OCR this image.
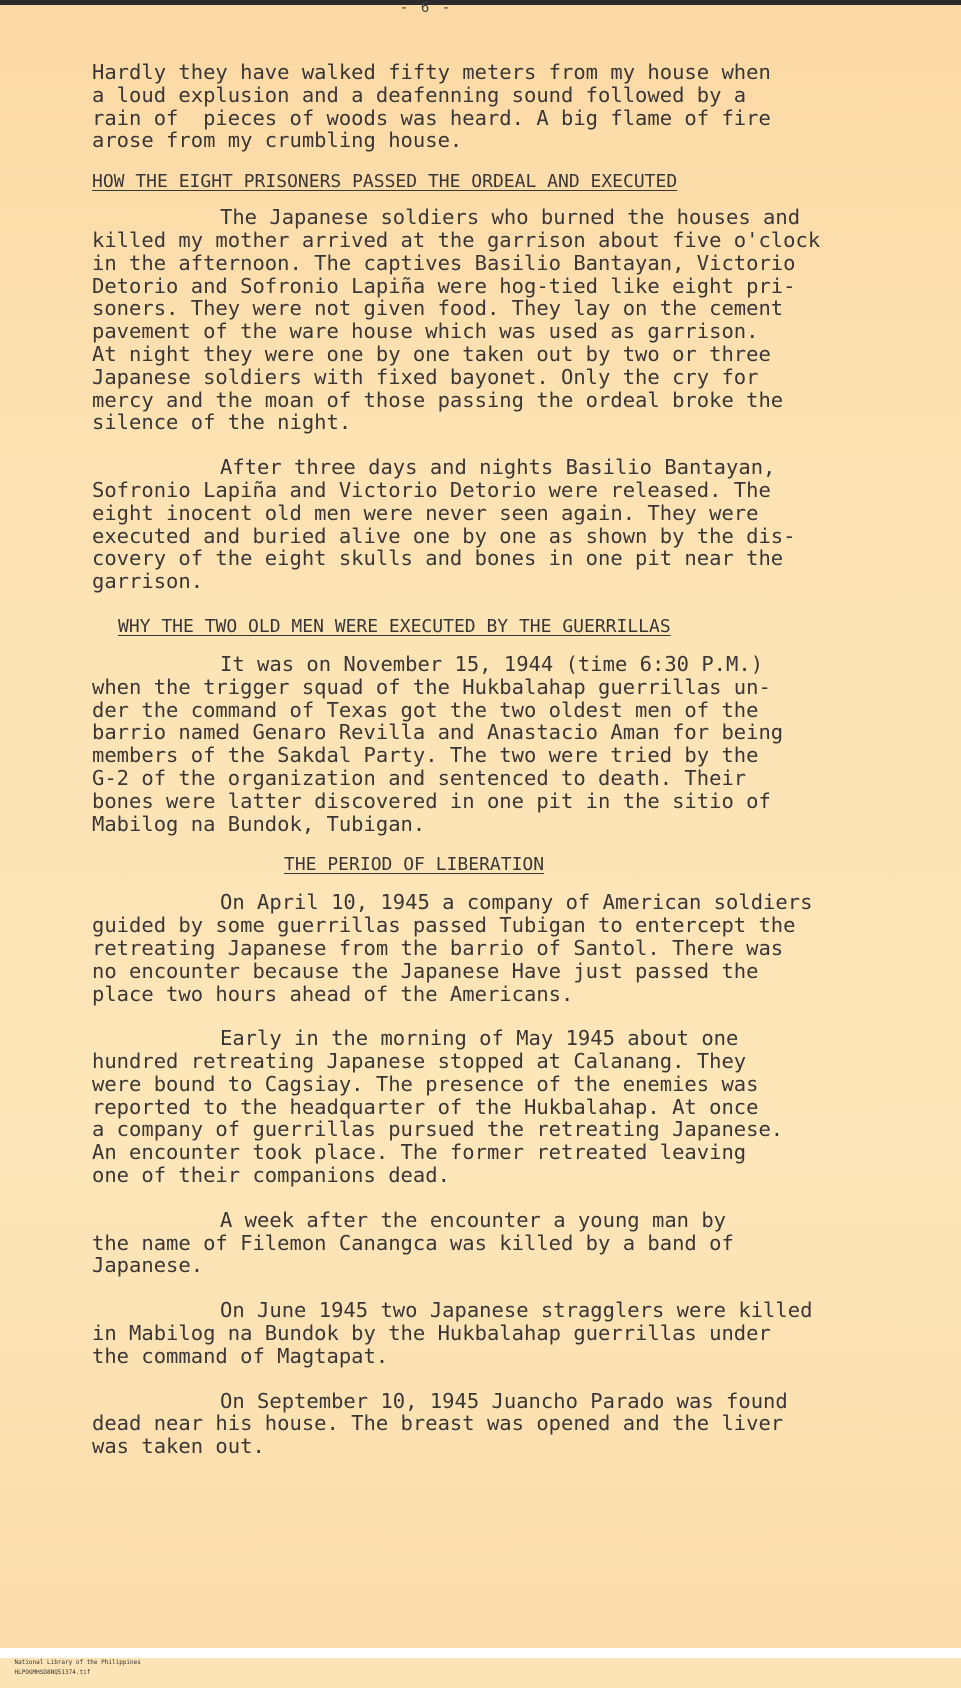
- 6 -

Hardly they have walked fifty meters from my house when

a loud explusion and a deafenning sound followed by a

rain of  pieces of woods was heard. A big flame of fire

arose from my crumbling house.

HOW THE EIGHT PRISONERS PASSED THE ORDEAL AND EXECUTED

The Japanese soldiers who burned the houses and

killed my mother arrived at the garrison about five o'clock

in the afternoon. The captives Basilio Bantayan, Victorio

Detorio and Sofronio Lapiña were hog-tied like eight pri-

soners. They were not given food. They lay on the cement

pavement of the ware house which was used as garrison.

At night they were one by one taken out by two or three

Japanese soldiers with fixed bayonet. Only the cry for

mercy and the moan of those passing the ordeal broke the

silence of the night.

After three days and nights Basilio Bantayan,

Sofronio Lapiña and Victorio Detorio were released. The

eight inocent old men were never seen again. They were

executed and buried alive one by one as shown by the dis-

covery of the eight skulls and bones in one pit near the

garrison.

WHY THE TWO OLD MEN WERE EXECUTED BY THE GUERRILLAS

It was on November 15, 1944 (time 6:30 P.M.)

when the trigger squad of the Hukbalahap guerrillas un-

der the command of Texas got the two oldest men of the

barrio named Genaro Revilla and Anastacio Aman for being

members of the Sakdal Party. The two were tried by the

G-2 of the organization and sentenced to death. Their

bones were latter discovered in one pit in the sitio of

Mabilog na Bundok, Tubigan.

THE PERIOD OF LIBERATION

On April 10, 1945 a company of American soldiers

guided by some guerrillas passed Tubigan to entercept the

retreating Japanese from the barrio of Santol. There was

no encounter because the Japanese Have just passed the

place two hours ahead of the Americans.

Early in the morning of May 1945 about one

hundred retreating Japanese stopped at Calanang. They

were bound to Cagsiay. The presence of the enemies was

reported to the headquarter of the Hukbalahap. At once

a company of guerrillas pursued the retreating Japanese.

An encounter took place. The former retreated leaving

one of their companions dead.

A week after the encounter a young man by

the name of Filemon Canangca was killed by a band of

Japanese.

On June 1945 two Japanese stragglers were killed

in Mabilog na Bundok by the Hukbalahap guerrillas under

the command of Magtapat.

On September 10, 1945 Juancho Parado was found

dead near his house. The breast was opened and the liver

was taken out.

National Library of the Philippines
HLPOGMHSD8NQ51374.tif
